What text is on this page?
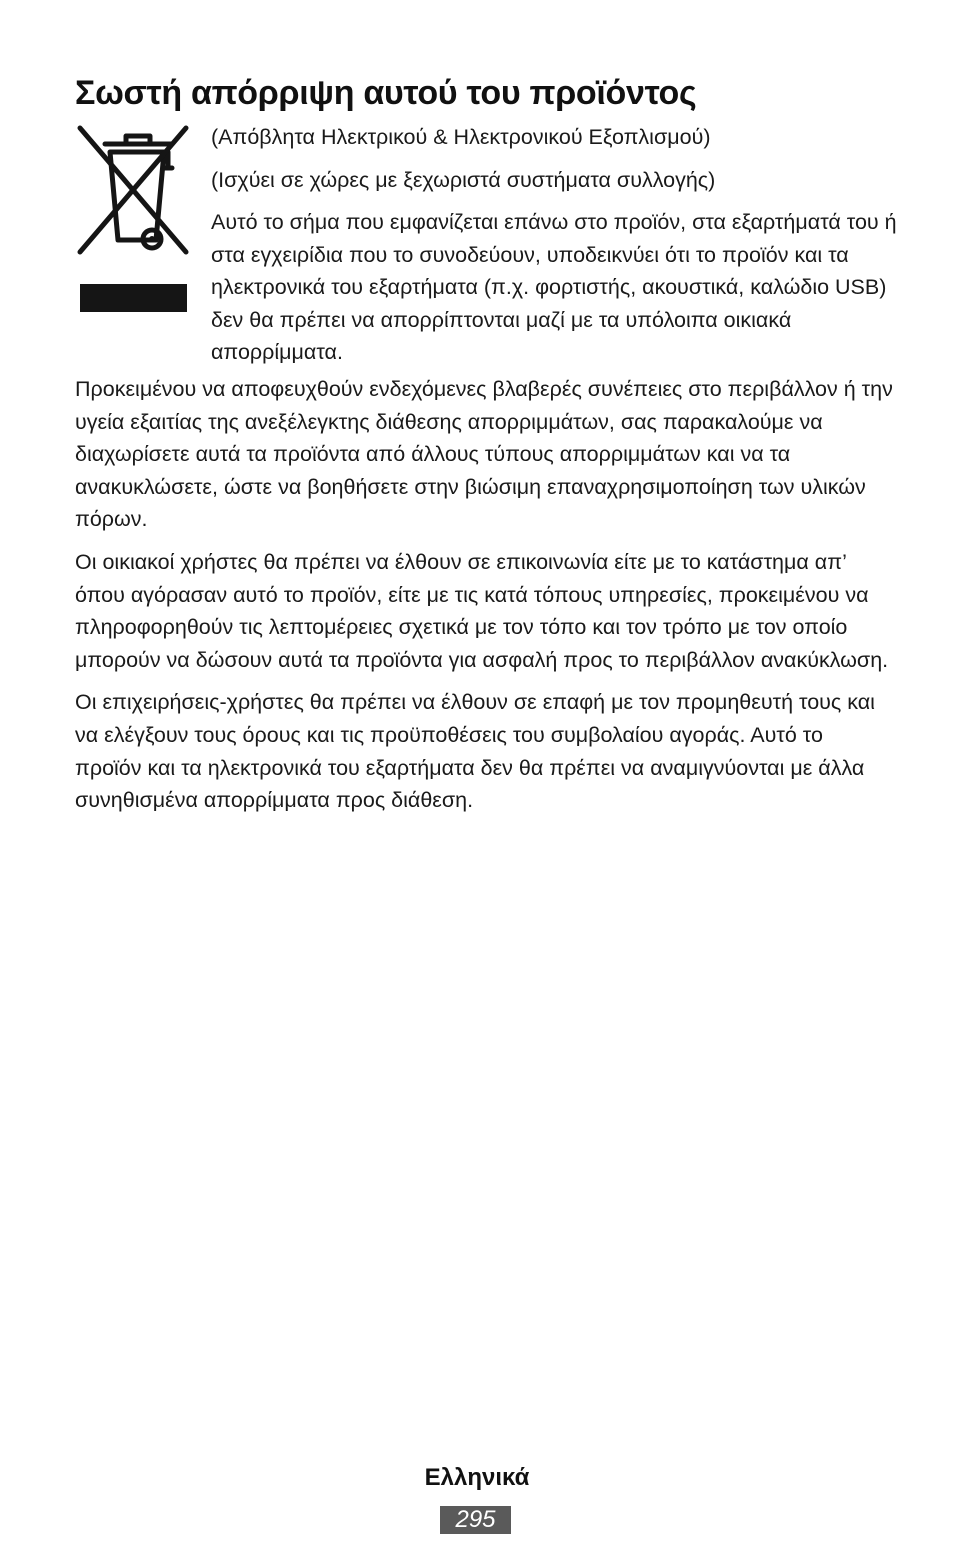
Σωστή απόρριψη αυτού του προϊόντος

(Απόβλητα Ηλεκτρικού & Ηλεκτρονικού Εξοπλισμού)

(Ισχύει σε χώρες με ξεχωριστά συστήματα συλλογής)

Αυτό το σήμα που εμφανίζεται επάνω στο προϊόν, στα εξαρτήματά του ή στα εγχειρίδια που το συνοδεύουν, υποδεικνύει ότι το προϊόν και τα ηλεκτρονικά του εξαρτήματα (π.χ. φορτιστής, ακουστικά, καλώδιο USB) δεν θα πρέπει να απορρίπτονται μαζί με τα υπόλοιπα οικιακά απορρίμματα.

Προκειμένου να αποφευχθούν ενδεχόμενες βλαβερές συνέπειες στο περιβάλλον ή την υγεία εξαιτίας της ανεξέλεγκτης διάθεσης απορριμμάτων, σας παρακαλούμε να διαχωρίσετε αυτά τα προϊόντα από άλλους τύπους απορριμμάτων και να τα ανακυκλώσετε, ώστε να βοηθήσετε στην βιώσιμη επαναχρησιμοποίηση των υλικών πόρων.

Οι οικιακοί χρήστες θα πρέπει να έλθουν σε επικοινωνία είτε με το κατάστημα απ’ όπου αγόρασαν αυτό το προϊόν, είτε με τις κατά τόπους υπηρεσίες, προκειμένου να πληροφορηθούν τις λεπτομέρειες σχετικά με τον τόπο και τον τρόπο με τον οποίο μπορούν να δώσουν αυτά τα προϊόντα για ασφαλή προς το περιβάλλον ανακύκλωση.

Οι επιχειρήσεις-χρήστες θα πρέπει να έλθουν σε επαφή με τον προμηθευτή τους και να ελέγξουν τους όρους και τις προϋποθέσεις του συμβολαίου αγοράς. Αυτό το προϊόν και τα ηλεκτρονικά του εξαρτήματα δεν θα πρέπει να αναμιγνύονται με άλλα συνηθισμένα απορρίμματα προς διάθεση.

Ελληνικά
295
